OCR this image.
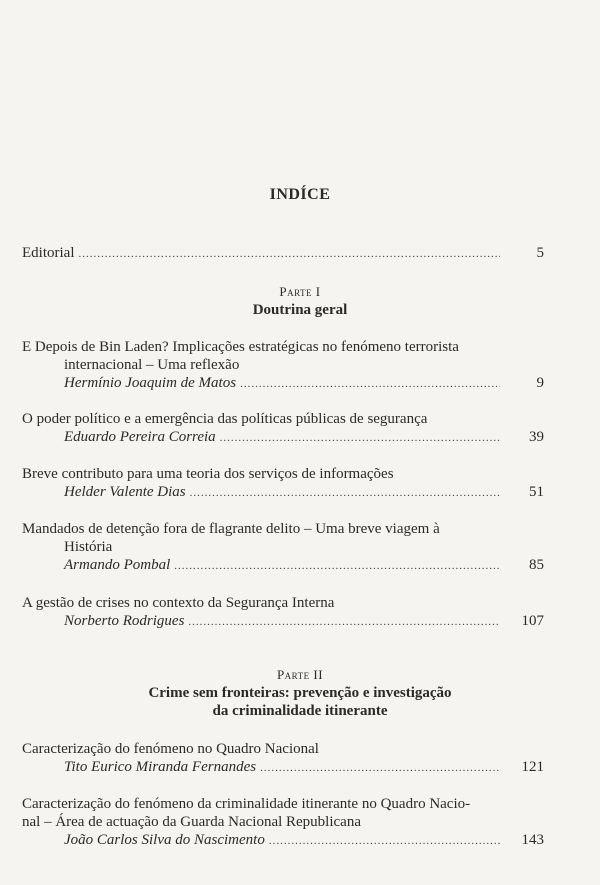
INDÍCE
Editorial .....	5
Parte I
Doutrina geral
E Depois de Bin Laden? Implicações estratégicas no fenómeno terrorista
internacional – Uma reflexão
Hermínio Joaquim de Matos .....	9
O poder político e a emergência das políticas públicas de segurança
Eduardo Pereira Correia .....	39
Breve contributo para uma teoria dos serviços de informações
Helder Valente Dias .....	51
Mandados de detenção fora de flagrante delito – Uma breve viagem à
História
Armando Pombal .....	85
A gestão de crises no contexto da Segurança Interna
Norberto Rodrigues .....	107
Parte II
Crime sem fronteiras: prevenção e investigação
da criminalidade itinerante
Caracterização do fenómeno no Quadro Nacional
Tito Eurico Miranda Fernandes .....	121
Caracterização do fenómeno da criminalidade itinerante no Quadro Nacio-
nal – Área de actuação da Guarda Nacional Republicana
João Carlos Silva do Nascimento .....	143
